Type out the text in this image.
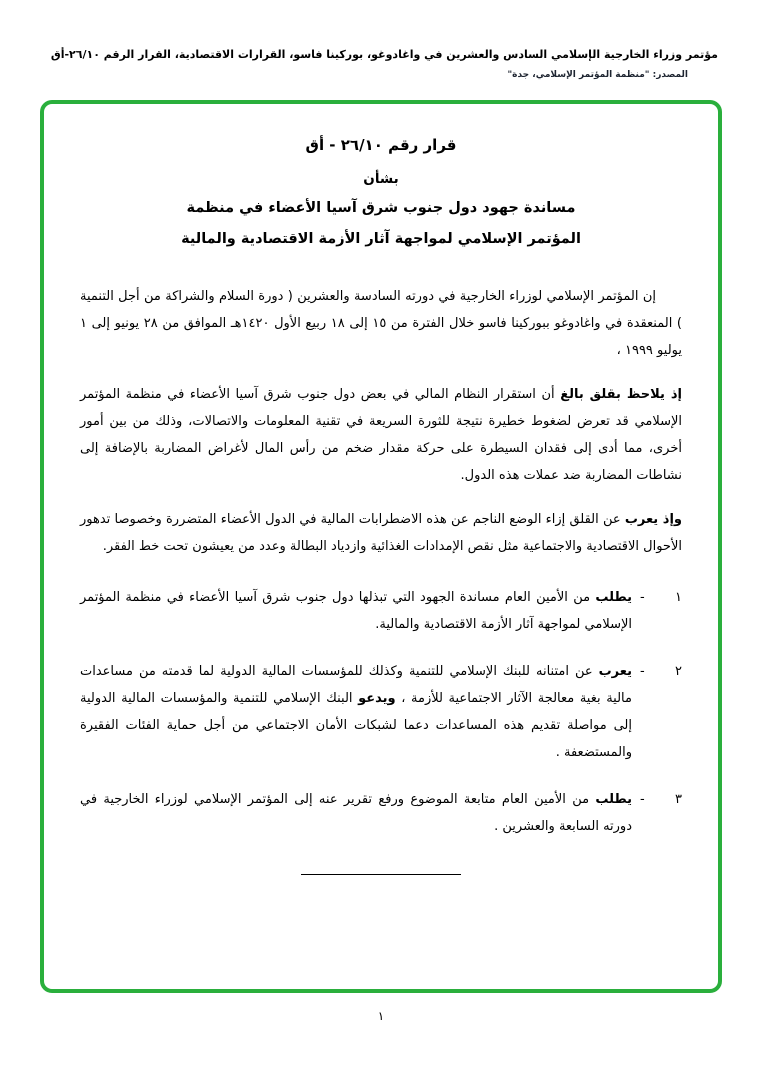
مؤتمر وزراء الخارجية الإسلامي السادس والعشرين في واغادوغو، بوركينا فاسو، القرارات الاقتصادية، القرار الرقم ٢٦/١٠-أق
المصدر: "منظمة المؤتمر الإسلامي، جدة"
قرار رقم ٢٦/١٠ - أق
بشأن
مساندة جهود دول جنوب شرق آسيا الأعضاء في منظمة
المؤتمر الإسلامي لمواجهة آثار الأزمة الاقتصادية والمالية

إن المؤتمر الإسلامي لوزراء الخارجية في دورته السادسة والعشرين ( دورة السلام والشراكة من أجل التنمية ) المنعقدة في واغادوغو ببوركينا فاسو خلال الفترة من ١٥ إلى ١٨ ربيع الأول ١٤٢٠هـ الموافق من ٢٨ يونيو إلى ١ يوليو ١٩٩٩ ،

إذ يلاحظ بقلق بالغ أن استقرار النظام المالي في بعض دول جنوب شرق آسيا الأعضاء في منظمة المؤتمر الإسلامي قد تعرض لضغوط خطيرة نتيجة للثورة السريعة في تقنية المعلومات والاتصالات، وذلك من بين أمور أخرى، مما أدى إلى فقدان السيطرة على حركة مقدار ضخم من رأس المال لأغراض المضاربة بالإضافة إلى نشاطات المضاربة ضد عملات هذه الدول.

وإذ يعرب عن القلق إزاء الوضع الناجم عن هذه الاضطرابات المالية في الدول الأعضاء المتضررة وخصوصا تدهور الأحوال الاقتصادية والاجتماعية مثل نقص الإمدادات الغذائية وازدياد البطالة وعدد من يعيشون تحت خط الفقر.

١
-
يطلب من الأمين العام مساندة الجهود التي تبذلها دول جنوب شرق آسيا الأعضاء في منظمة المؤتمر الإسلامي لمواجهة آثار الأزمة الاقتصادية والمالية.
٢
-
يعرب عن امتنانه للبنك الإسلامي للتنمية وكذلك للمؤسسات المالية الدولية لما قدمته من مساعدات مالية بغية معالجة الآثار الاجتماعية للأزمة ، ويدعو البنك الإسلامي للتنمية والمؤسسات المالية الدولية إلى مواصلة تقديم هذه المساعدات دعما لشبكات الأمان الاجتماعي من أجل حماية الفئات الفقيرة والمستضعفة .
٣
-
يطلب من الأمين العام متابعة الموضوع ورفع تقرير عنه إلى المؤتمر الإسلامي لوزراء الخارجية في دورته السابعة والعشرين .
١
